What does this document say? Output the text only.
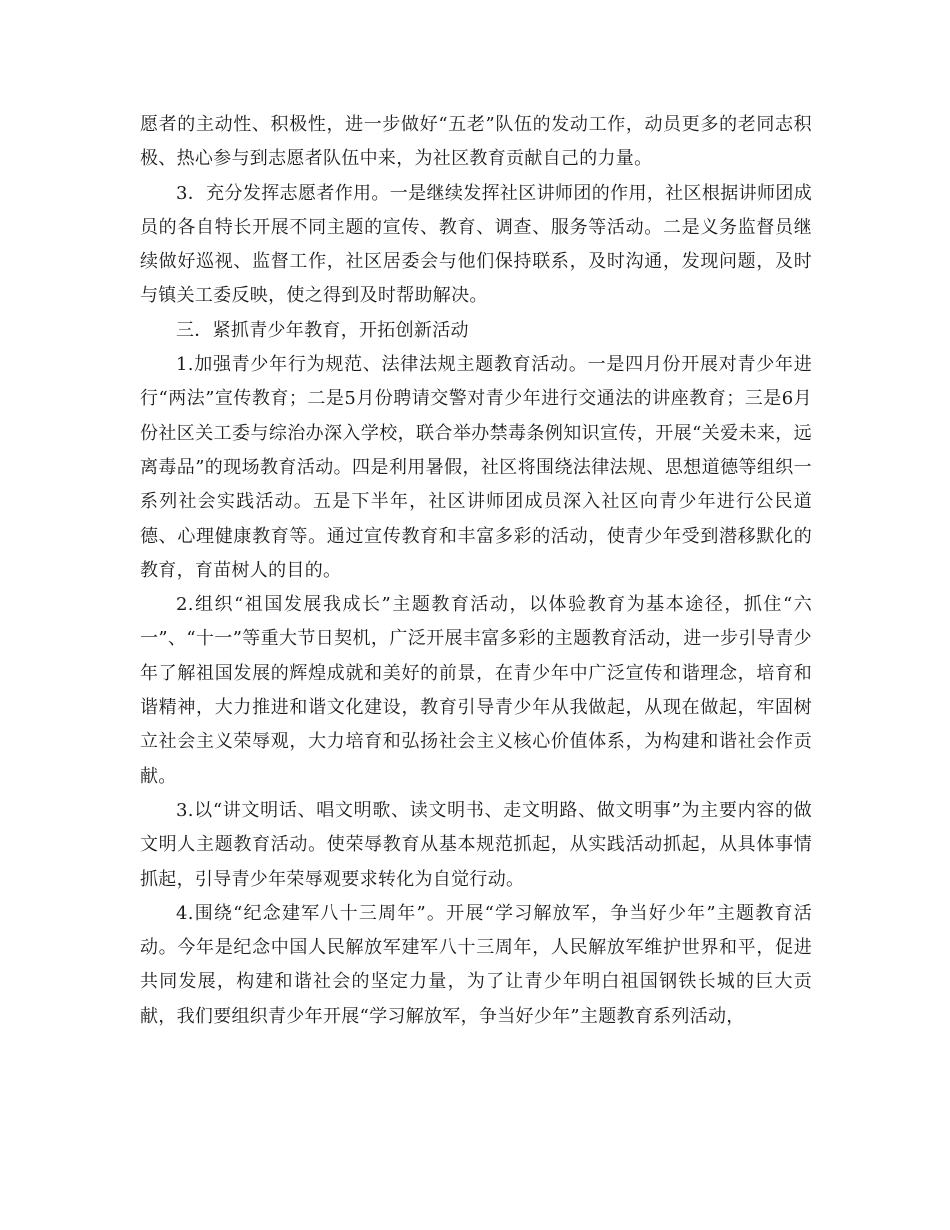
愿者的主动性、积极性，进一步做好“五老”队伍的发动工作，动员更多的老同志积极、热心参与到志愿者队伍中来，为社区教育贡献自己的力量。

3．充分发挥志愿者作用。一是继续发挥社区讲师团的作用，社区根据讲师团成员的各自特长开展不同主题的宣传、教育、调查、服务等活动。二是义务监督员继续做好巡视、监督工作，社区居委会与他们保持联系，及时沟通，发现问题，及时与镇关工委反映，使之得到及时帮助解决。

三．紧抓青少年教育，开拓创新活动

1.加强青少年行为规范、法律法规主题教育活动。一是四月份开展对青少年进行“两法”宣传教育；二是5月份聘请交警对青少年进行交通法的讲座教育；三是6月份社区关工委与综治办深入学校，联合举办禁毒条例知识宣传，开展“关爱未来，远离毒品”的现场教育活动。四是利用暑假，社区将围绕法律法规、思想道德等组织一系列社会实践活动。五是下半年，社区讲师团成员深入社区向青少年进行公民道德、心理健康教育等。通过宣传教育和丰富多彩的活动，使青少年受到潜移默化的教育，育苗树人的目的。

2.组织“祖国发展我成长”主题教育活动，以体验教育为基本途径，抓住“六一”、“十一”等重大节日契机，广泛开展丰富多彩的主题教育活动，进一步引导青少年了解祖国发展的辉煌成就和美好的前景，在青少年中广泛宣传和谐理念，培育和谐精神，大力推进和谐文化建设，教育引导青少年从我做起，从现在做起，牢固树立社会主义荣辱观，大力培育和弘扬社会主义核心价值体系，为构建和谐社会作贡献。

3.以“讲文明话、唱文明歌、读文明书、走文明路、做文明事”为主要内容的做文明人主题教育活动。使荣辱教育从基本规范抓起，从实践活动抓起，从具体事情抓起，引导青少年荣辱观要求转化为自觉行动。

4.围绕“纪念建军八十三周年”。开展“学习解放军，争当好少年”主题教育活动。今年是纪念中国人民解放军建军八十三周年，人民解放军维护世界和平，促进共同发展，构建和谐社会的坚定力量，为了让青少年明白祖国钢铁长城的巨大贡献，我们要组织青少年开展“学习解放军，争当好少年”主题教育系列活动，
